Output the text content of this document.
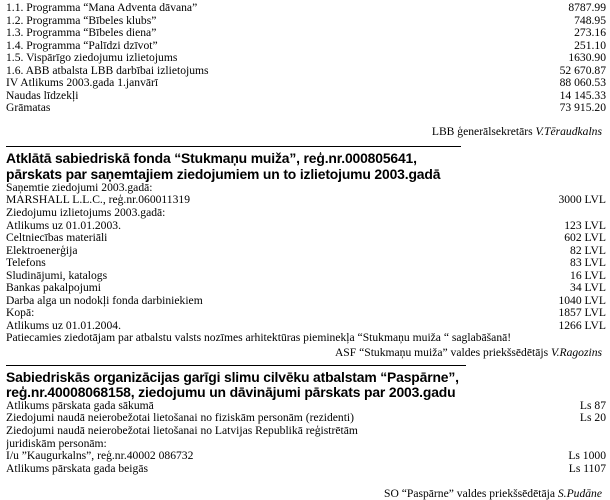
1.1. Programma “Mana Adventa dāvana”	8787.99
1.2. Programma “Bībeles klubs”	748.95
1.3. Programma “Bībeles diena”	273.16
1.4. Programma “Palīdzi dzīvot”	251.10
1.5. Vispārīgo ziedojumu izlietojums	1630.90
1.6. ABB atbalsta LBB darbībai izlietojums	52 670.87
IV Atlikums 2003.gada 1.janvārī	88 060.53
Naudas līdzekļi	14 145.33
Grāmatas	73 915.20
LBB ģenerālsekretārs V.Tēraudkalns
Atklātā sabiedriskā fonda “Stukmaņu muiža”, reģ.nr.000805641,
pārskats par saņemtajiem ziedojumiem un to izlietojumu 2003.gadā
Saņemtie ziedojumi 2003.gadā:
MARSHALL L.L.C., reģ.nr.060011319	3000 LVL
Ziedojumu izlietojums 2003.gadā:
Atlikums uz 01.01.2003.	123 LVL
Celtniecības materiāli	602 LVL
Elektroenerģija	82 LVL
Telefons	83 LVL
Sludinājumi, katalogs	16 LVL
Bankas pakalpojumi	34 LVL
Darba alga un nodokļi fonda darbiniekiem	1040 LVL
Kopā:	1857 LVL
Atlikums uz 01.01.2004.	1266 LVL
Patiecamies ziedotājam par atbalstu valsts nozīmes arhitektūras pieminekļa “Stukmaņu muiža “ saglabāšanā!
ASF “Stukmaņu muiža” valdes priekšsēdētājs V.Ragozins
Sabiedriskās organizācijas garīgi slimu cilvēku atbalstam “Paspārne”,
reģ.nr.40008068158, ziedojumu un dāvinājumi pārskats par 2003.gadu
Atlikums pārskata gada sākumā	Ls 87
Ziedojumi naudā neierobežotai lietošanai no fiziskām personām (rezidenti)	Ls 20
Ziedojumi naudā neierobežotai lietošanai no Latvijas Republikā reģistrētām
juridiskām personām:
I/u ”Kaugurkalns”, reģ.nr.40002 086732	Ls 1000
Atlikums pārskata gada beigās	Ls 1107
SO “Paspārne” valdes priekšsēdētāja S.Pudāne
